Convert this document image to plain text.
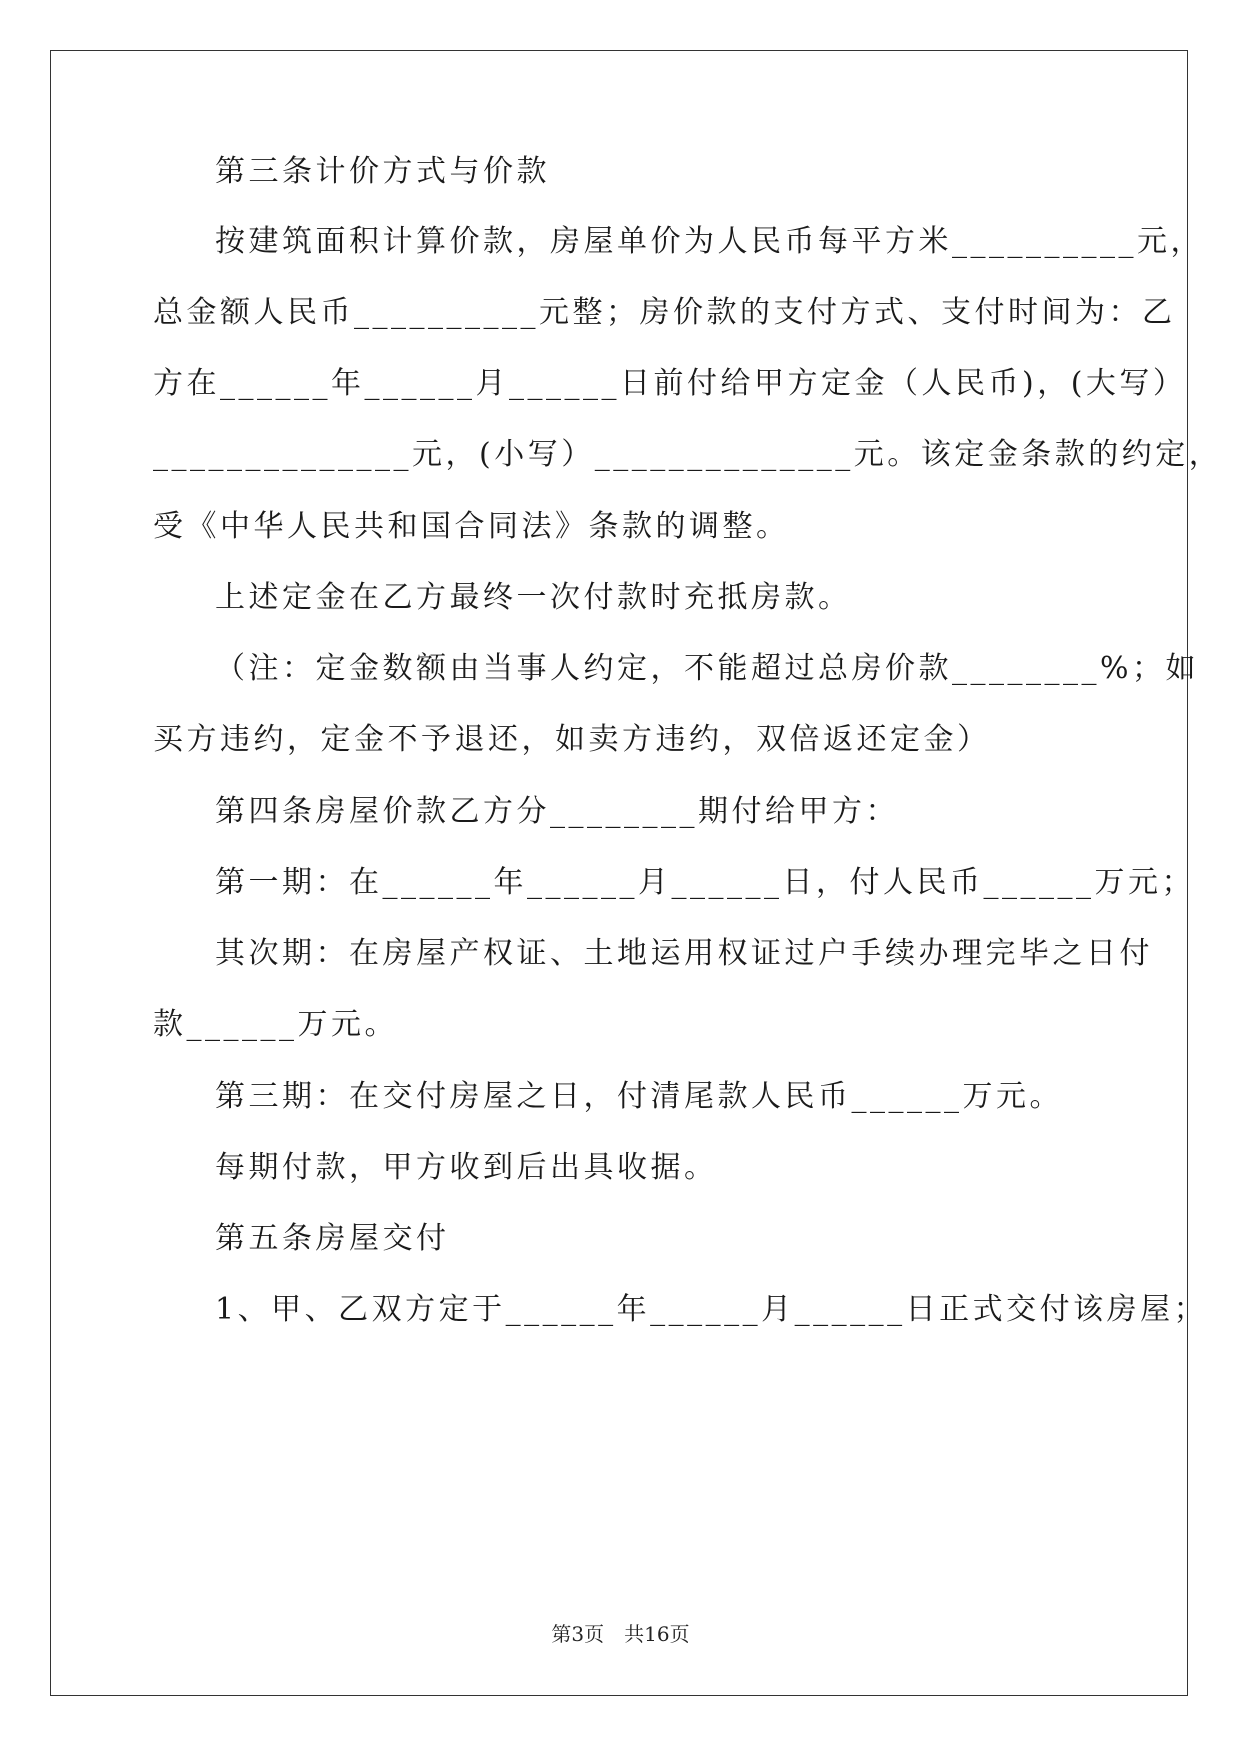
第三条计价方式与价款
按建筑面积计算价款，房屋单价为人民币每平方米__________元，
总金额人民币__________元整；房价款的支付方式、支付时间为：乙
方在______年______月______日前付给甲方定金（人民币)，(大写）
______________元，(小写）______________元。该定金条款的约定，
受《中华人民共和国合同法》条款的调整。
上述定金在乙方最终一次付款时充抵房款。
（注：定金数额由当事人约定，不能超过总房价款________%；如
买方违约，定金不予退还，如卖方违约，双倍返还定金）
第四条房屋价款乙方分________期付给甲方：
第一期：在______年______月______日，付人民币______万元；
其次期：在房屋产权证、土地运用权证过户手续办理完毕之日付
款______万元。
第三期：在交付房屋之日，付清尾款人民币______万元。
每期付款，甲方收到后出具收据。
第五条房屋交付
1、甲、乙双方定于______年______月______日正式交付该房屋；
第3页　共16页
